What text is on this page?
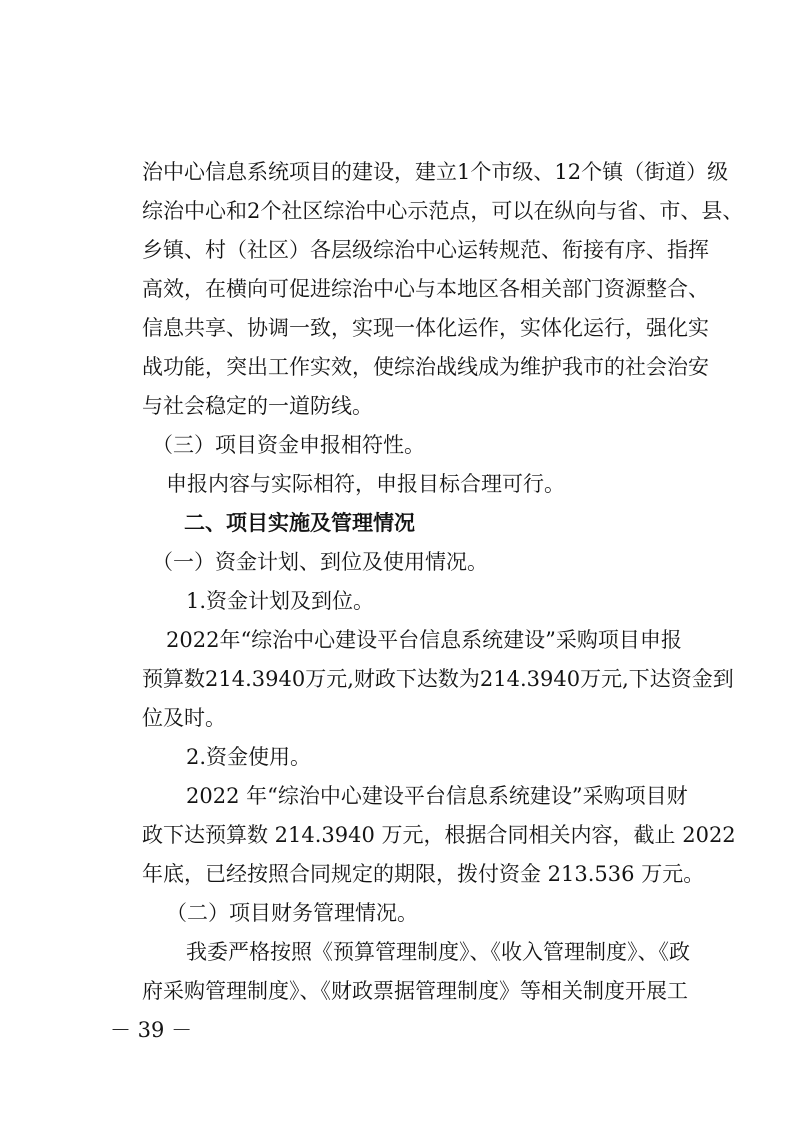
治中心信息系统项目的建设，建立1个市级、12个镇（街道）级
综治中心和2个社区综治中心示范点，可以在纵向与省、市、县、
乡镇、村（社区）各层级综治中心运转规范、衔接有序、指挥
高效，在横向可促进综治中心与本地区各相关部门资源整合、
信息共享、协调一致，实现一体化运作，实体化运行，强化实
战功能，突出工作实效，使综治战线成为维护我市的社会治安
与社会稳定的一道防线。
（三）项目资金申报相符性。
申报内容与实际相符，申报目标合理可行。
二、项目实施及管理情况
（一）资金计划、到位及使用情况。
1.资金计划及到位。
2022年“综治中心建设平台信息系统建设”采购项目申报
预算数214.3940万元,财政下达数为214.3940万元,下达资金到
位及时。
2.资金使用。
2022 年“综治中心建设平台信息系统建设”采购项目财
政下达预算数 214.3940 万元，根据合同相关内容，截止 2022
年底，已经按照合同规定的期限，拨付资金 213.536 万元。
（二）项目财务管理情况。
我委严格按照《预算管理制度》、《收入管理制度》、《政
府采购管理制度》、《财政票据管理制度》等相关制度开展工
－ 39 －
